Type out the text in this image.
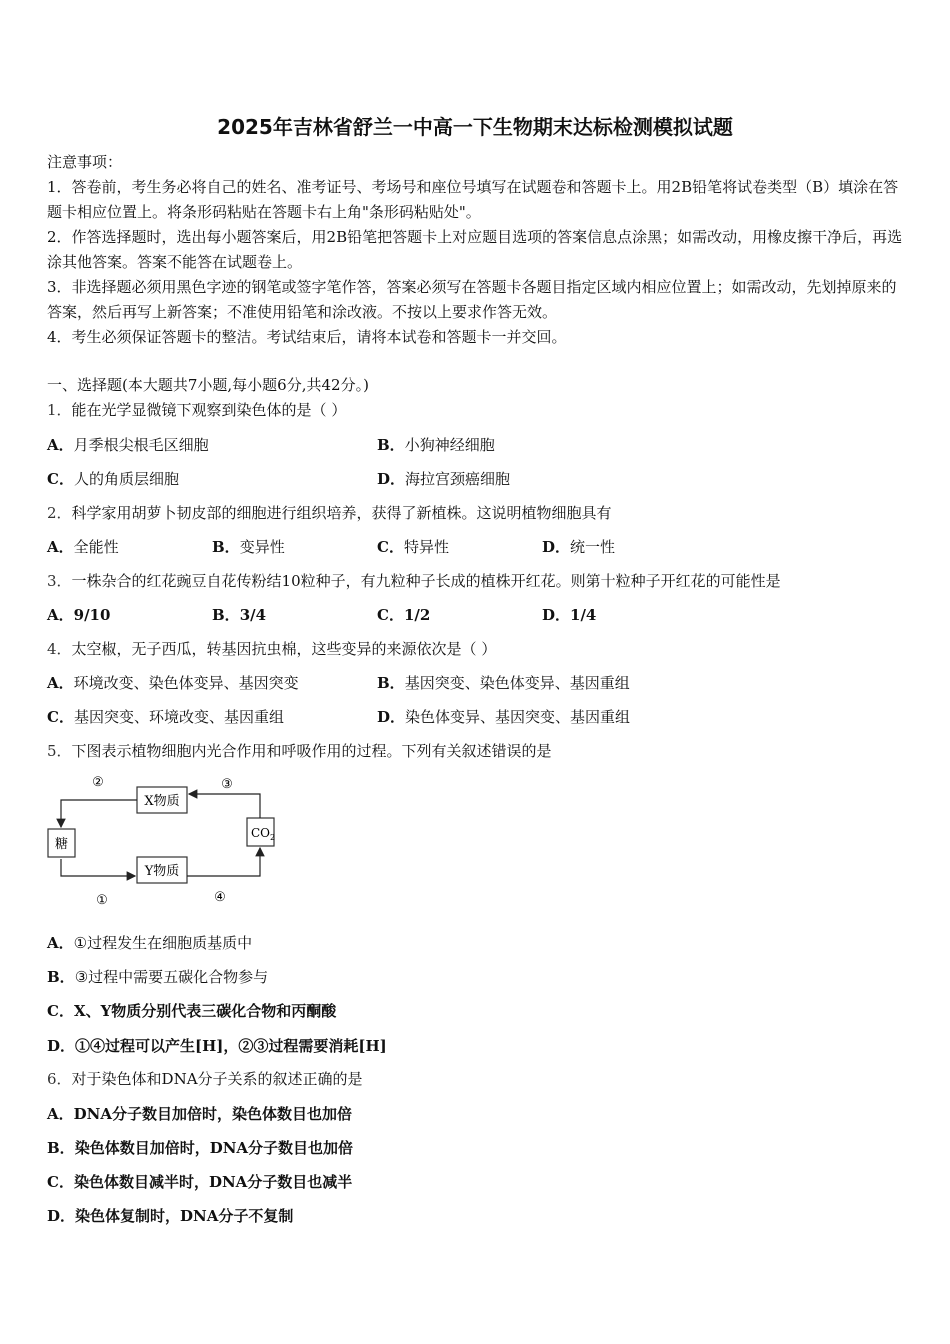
2025年吉林省舒兰一中高一下生物期末达标检测模拟试题

注意事项：

1．答卷前，考生务必将自己的姓名、准考证号、考场号和座位号填写在试题卷和答题卡上。用2B铅笔将试卷类型（B）填涂在答题卡相应位置上。将条形码粘贴在答题卡右上角"条形码粘贴处"。

2．作答选择题时，选出每小题答案后，用2B铅笔把答题卡上对应题目选项的答案信息点涂黑；如需改动，用橡皮擦干净后，再选涂其他答案。答案不能答在试题卷上。

3．非选择题必须用黑色字迹的钢笔或签字笔作答，答案必须写在答题卡各题目指定区域内相应位置上；如需改动，先划掉原来的答案，然后再写上新答案；不准使用铅笔和涂改液。不按以上要求作答无效。

4．考生必须保证答题卡的整洁。考试结束后，请将本试卷和答题卡一并交回。

一、选择题(本大题共7小题,每小题6分,共42分。)
1．能在光学显微镜下观察到染色体的是（ ）
A．月季根尖根毛区细胞	B．小狗神经细胞
C．人的角质层细胞	D．海拉宫颈癌细胞
2．科学家用胡萝卜韧皮部的细胞进行组织培养，获得了新植株。这说明植物细胞具有
A．全能性	B．变异性	C．特异性	D．统一性
3．一株杂合的红花豌豆自花传粉结10粒种子，有九粒种子长成的植株开红花。则第十粒种子开红花的可能性是
A．9/10	B．3/4	C．1/2	D．1/4
4．太空椒，无子西瓜，转基因抗虫棉，这些变异的来源依次是（ ）
A．环境改变、染色体变异、基因突变	B．基因突变、染色体变异、基因重组
C．基因突变、环境改变、基因重组	D．染色体变异、基因突变、基因重组
5．下图表示植物细胞内光合作用和呼吸作用的过程。下列有关叙述错误的是
糖
X物质
Y物质
$CO_2$
②	③
①	④
A．①过程发生在细胞质基质中
B．③过程中需要五碳化合物参与
C．X、Y物质分别代表三碳化合物和丙酮酸
D．①④过程可以产生[H]，②③过程需要消耗[H]
6．对于染色体和DNA分子关系的叙述正确的是
A．DNA分子数目加倍时，染色体数目也加倍
B．染色体数目加倍时，DNA分子数目也加倍
C．染色体数目减半时，DNA分子数目也减半
D．染色体复制时，DNA分子不复制
